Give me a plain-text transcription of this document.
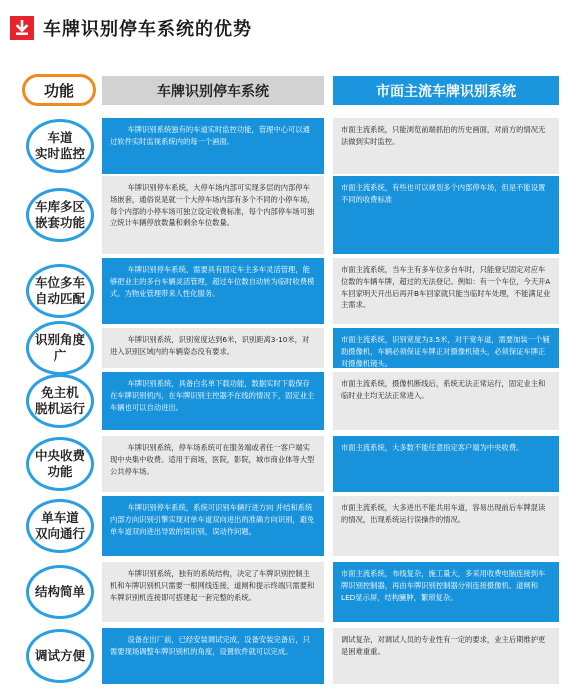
车牌识别停车系统的优势
功能	车牌识别停车系统	市面主流车牌识别系统
车道
实时监控
车牌识别系统独有的车道实时监控功能，管理中心可以通过软件实时监视系统内的每一个画面。
市面主流系统，只能浏览前端抓拍的历史画面，对前方的情况无法做到实时监控。
车库多区
嵌套功能
车牌识别停车系统，大停车场内部可实现多层的内部停车场嵌套，通俗说是就一个大停车场内部有多个不同的小停车场，每个内部的小停车场可独立设定收费标准，每个内部停车场可独立统计车辆停放数量和剩余车位数量。
市面主流系统，有些也可以规划多个内部停车场，但是不能设置不同的收费标准
车位多车
自动匹配
车牌识别停车系统，需要具有固定车主多车灵活管理，能够把业主的多台车辆灵活管理，超过车位数自动转为临时收费模式。为物业管理带来人性化服务。
市面主流系统，当车主有多车位多台车时，只能登记固定对应车位数的车辆车牌，超过的无法登记。例如：有一个车位，今天开A车回家明天开出后再开B车回家就只能当临时车处理，不能满足业主需求。
识别角度广
车牌识别系统，识别宽度达到6米，识别距离3-10米，对进入识别区域内的车辆姿态没有要求。
市面主流系统，识别宽度为3.5米，对于宽车道，需要加装一个辅助摄像机，车辆必须保证车牌正对摄像机镜头，必须保证车牌正对摄像机镜头。
免主机
脱机运行
车牌识别系统，具备白名单下载功能，数据实时下载保存在车牌识别机内，在车牌识别主控器不在线的情况下，固定业主车辆也可以自动进出。
市面主流系统，摄像机断线后，系统无法正常运行，固定业主和临时业主均无法正常进入。
中央收费
功能
车牌识别系统，停车场系统可在服务端或者任一客户端实现中央集中收费。适用于商场，医院，影院，城市商业体等大型公共停车场。
市面主流系统，大多数不能任意指定客户端为中央收费。
单车道
双向通行
车牌识别停车系统，系统可识别车辆行进方向 并结和系统内部方向识别引擎实现对单车道双向进出的准确方向识别，避免单车道双向进出导致的误识别，误动作问题。
市面主流系统，大多进出不能共用车道，容易出现前后车牌混读的情况，出现系统运行误操作的情况。
结构简单
车牌识别系统，独有的系统结构，决定了车牌识别控制主机和车牌识别机只需要一根网线连接，道闸和提示终端只需要和车牌识别机连接即可搭建起一套完整的系统。
市面主流系统，布线复杂，施工量大，多采用收费电脑连接到车牌识别控制器，再由车牌识别控制器分别连接摄像机、道闸和LED显示屏，结构臃肿，繁琐复杂。
调试方便
设备在出厂前，已经安装调试完成，设备安装完备后，只需要现场调整车牌识别机的角度，设置软件就可以完成。
调试复杂，对调试人员的专业性有一定的要求，业主后期维护更是困难重重。
